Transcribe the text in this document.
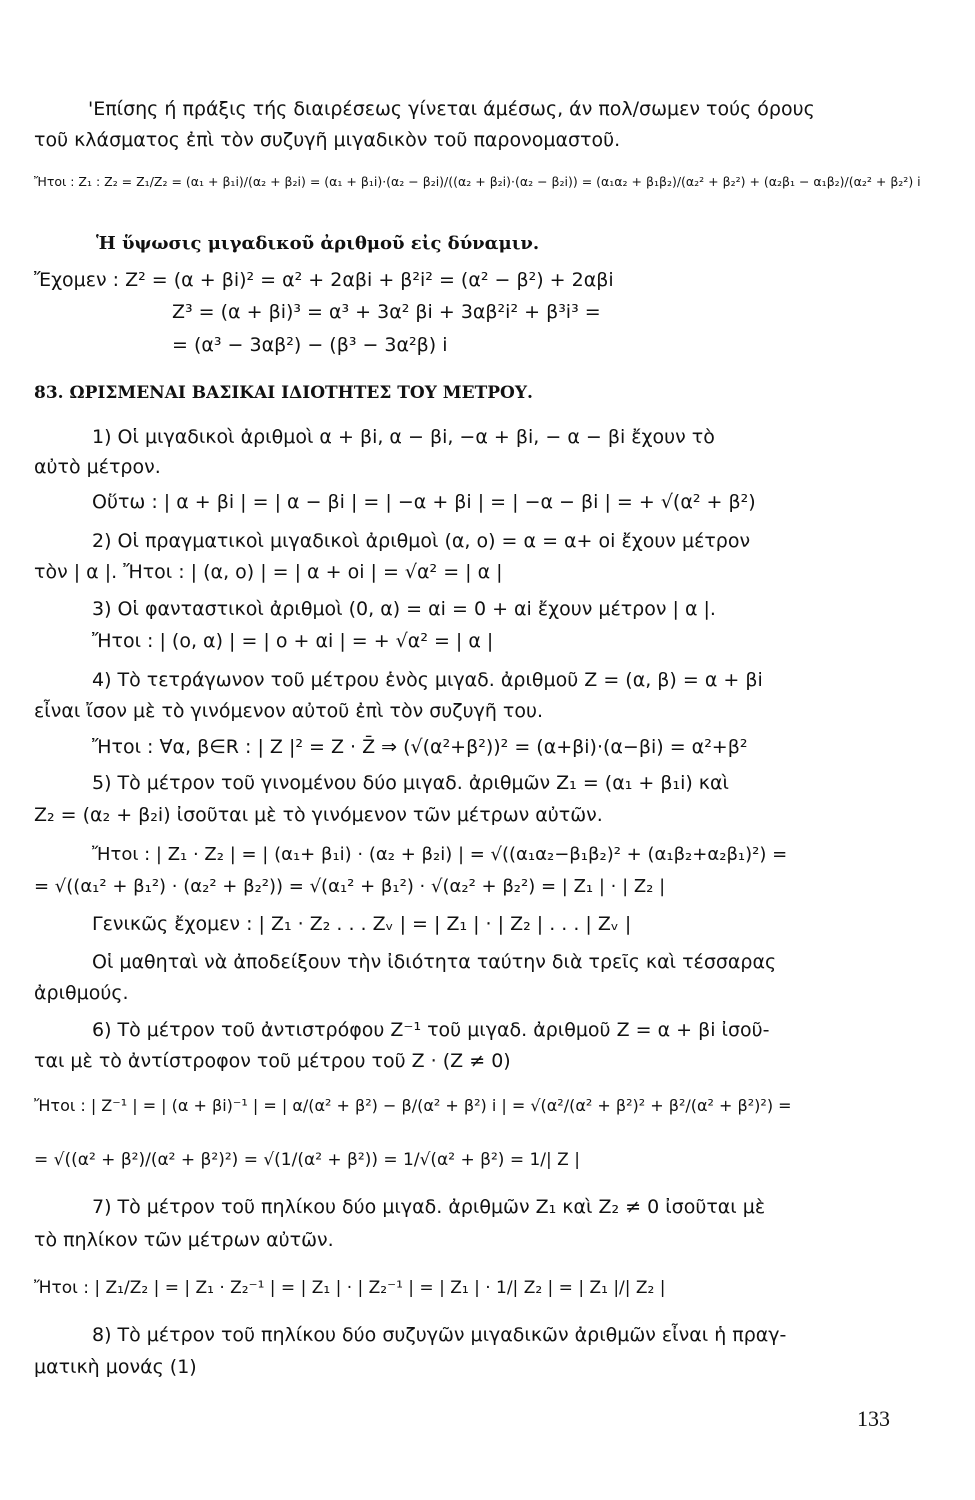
'Επίσης ή πράξις τής διαιρέσεως γίνεται άμέσως, άν πολ/σωμεν τούς όρους
τοῦ κλάσματος ἐπὶ τὸν συζυγῆ μιγαδικὸν τοῦ παρονομαστοῦ.
Ἤτοι : Z₁ : Z₂ = Z₁/Z₂ = (α₁ + β₁i)/(α₂ + β₂i) = (α₁ + β₁i)·(α₂ − β₂i)/((α₂ + β₂i)·(α₂ − β₂i)) = (α₁α₂ + β₁β₂)/(α₂² + β₂²) + (α₂β₁ − α₁β₂)/(α₂² + β₂²) i
Ἡ ὕψωσις μιγαδικοῦ ἀριθμοῦ εἰς δύναμιν.
Ἔχομεν : Z² = (α + βi)² = α² + 2αβi + β²i² = (α² − β²) + 2αβi
Z³ = (α + βi)³ = α³ + 3α² βi + 3αβ²i² + β³i³ =
= (α³ − 3αβ²) − (β³ − 3α²β) i
83. ΩΡΙΣΜΕΝΑΙ ΒΑΣΙΚΑΙ ΙΔΙΟΤΗΤΕΣ ΤΟΥ ΜΕΤΡΟΥ.
1) Οἱ μιγαδικοὶ ἀριθμοὶ α + βi, α − βi, −α + βi, − α − βi ἔχουν τὸ
αὐτὸ μέτρον.
Οὕτω : | α + βi | = | α − βi | = | −α + βi | = | −α − βi | = + √(α² + β²)
2) Οἱ πραγματικοὶ μιγαδικοὶ ἀριθμοὶ (α, ο) = α = α+ οi ἔχουν μέτρον
τὸν | α |. Ἤτοι : | (α, ο) | = | α + οi | = √α² = | α |
3) Οἱ φανταστικοὶ ἀριθμοὶ (0, α) = αi = 0 + αi ἔχουν μέτρον | α |.
Ἤτοι : | (ο, α) | = | ο + αi | = + √α² = | α |
4) Τὸ τετράγωνον τοῦ μέτρου ἑνὸς μιγαδ. ἀριθμοῦ Z = (α, β) = α + βi
εἶναι ἴσον μὲ τὸ γινόμενον αὐτοῦ ἐπὶ τὸν συζυγῆ του.
Ἤτοι : ∀α, β∈R : | Z |² = Z · Z̄ ⇒ (√(α²+β²))² = (α+βi)·(α−βi) = α²+β²
5) Τὸ μέτρον τοῦ γινομένου δύο μιγαδ. ἀριθμῶν Z₁ = (α₁ + β₁i) καὶ
Z₂ = (α₂ + β₂i) ἰσοῦται μὲ τὸ γινόμενον τῶν μέτρων αὐτῶν.
Ἤτοι : | Z₁ · Z₂ | = | (α₁+ β₁i) · (α₂ + β₂i) | = √((α₁α₂−β₁β₂)² + (α₁β₂+α₂β₁)²) =
= √((α₁² + β₁²) · (α₂² + β₂²)) = √(α₁² + β₁²) · √(α₂² + β₂²) = | Z₁ | · | Z₂ |
Γενικῶς ἔχομεν : | Z₁ · Z₂ . . . Zᵥ | = | Z₁ | · | Z₂ | . . . | Zᵥ |
Οἱ μαθηταὶ νὰ ἀποδείξουν τὴν ἰδιότητα ταύτην διὰ τρεῖς καὶ τέσσαρας
ἀριθμούς.
6) Τὸ μέτρον τοῦ ἀντιστρόφου Z⁻¹ τοῦ μιγαδ. ἀριθμοῦ Z = α + βi ἰσοῦ-
ται μὲ τὸ ἀντίστροφον τοῦ μέτρου τοῦ Z · (Z ≠ 0)
Ἤτοι : | Z⁻¹ | = | (α + βi)⁻¹ | = | α/(α² + β²) − β/(α² + β²) i | = √(α²/(α² + β²)² + β²/(α² + β²)²) =
= √((α² + β²)/(α² + β²)²) = √(1/(α² + β²)) = 1/√(α² + β²) = 1/| Z |
7) Τὸ μέτρον τοῦ πηλίκου δύο μιγαδ. ἀριθμῶν Z₁ καὶ Z₂ ≠ 0 ἰσοῦται μὲ
τὸ πηλίκον τῶν μέτρων αὐτῶν.
Ἤτοι : | Z₁/Z₂ | = | Z₁ · Z₂⁻¹ | = | Z₁ | · | Z₂⁻¹ | = | Z₁ | · 1/| Z₂ | = | Z₁ |/| Z₂ |
8) Τὸ μέτρον τοῦ πηλίκου δύο συζυγῶν μιγαδικῶν ἀριθμῶν εἶναι ἡ πραγ-
ματικὴ μονάς (1)
133
